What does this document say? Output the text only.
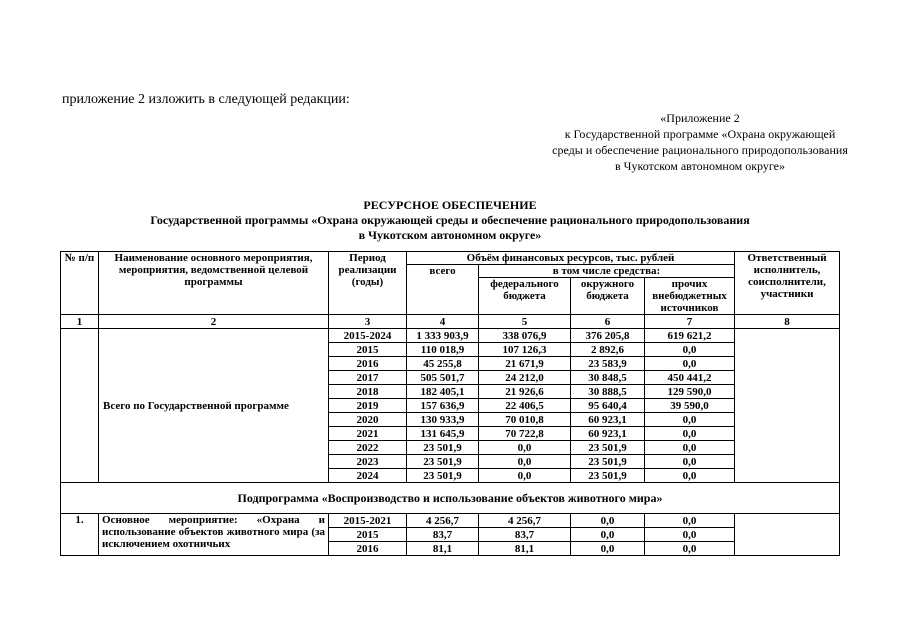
приложение 2 изложить в следующей редакции:
«Приложение 2
к Государственной программе «Охрана окружающей
среды и обеспечение рационального природопользования
в Чукотском автономном округе»
РЕСУРСНОЕ ОБЕСПЕЧЕНИЕ
Государственной программы «Охрана окружающей среды и обеспечение рационального природопользования
в Чукотском автономном округе»
№ п/п	Наименование основного мероприятия, мероприятия, ведомственной целевой программы	Период реализации (годы)	Объём финансовых ресурсов, тыс. рублей				Ответственный исполнитель, соисполнители, участники
			всего	в том числе средства:			
				федерального бюджета	окружного бюджета	прочих внебюджетных источников	
1	2	3	4	5	6	7	8
	Всего по Государственной программе	2015-2024	1 333 903,9	338 076,9	376 205,8	619 621,2	
		2015	110 018,9	107 126,3	2 892,6	0,0	
		2016	45 255,8	21 671,9	23 583,9	0,0	
		2017	505 501,7	24 212,0	30 848,5	450 441,2	
		2018	182 405,1	21 926,6	30 888,5	129 590,0	
		2019	157 636,9	22 406,5	95 640,4	39 590,0	
		2020	130 933,9	70 010,8	60 923,1	0,0	
		2021	131 645,9	70 722,8	60 923,1	0,0	
		2022	23 501,9	0,0	23 501,9	0,0	
		2023	23 501,9	0,0	23 501,9	0,0	
		2024	23 501,9	0,0	23 501,9	0,0	
Подпрограмма «Воспроизводство и использование объектов животного мира»							
1.	Основное мероприятие: «Охрана и использование объектов животного мира (за исключением охотничьих	2015-2021	4 256,7	4 256,7	0,0	0,0	
		2015	83,7	83,7	0,0	0,0	
		2016	81,1	81,1	0,0	0,0	
